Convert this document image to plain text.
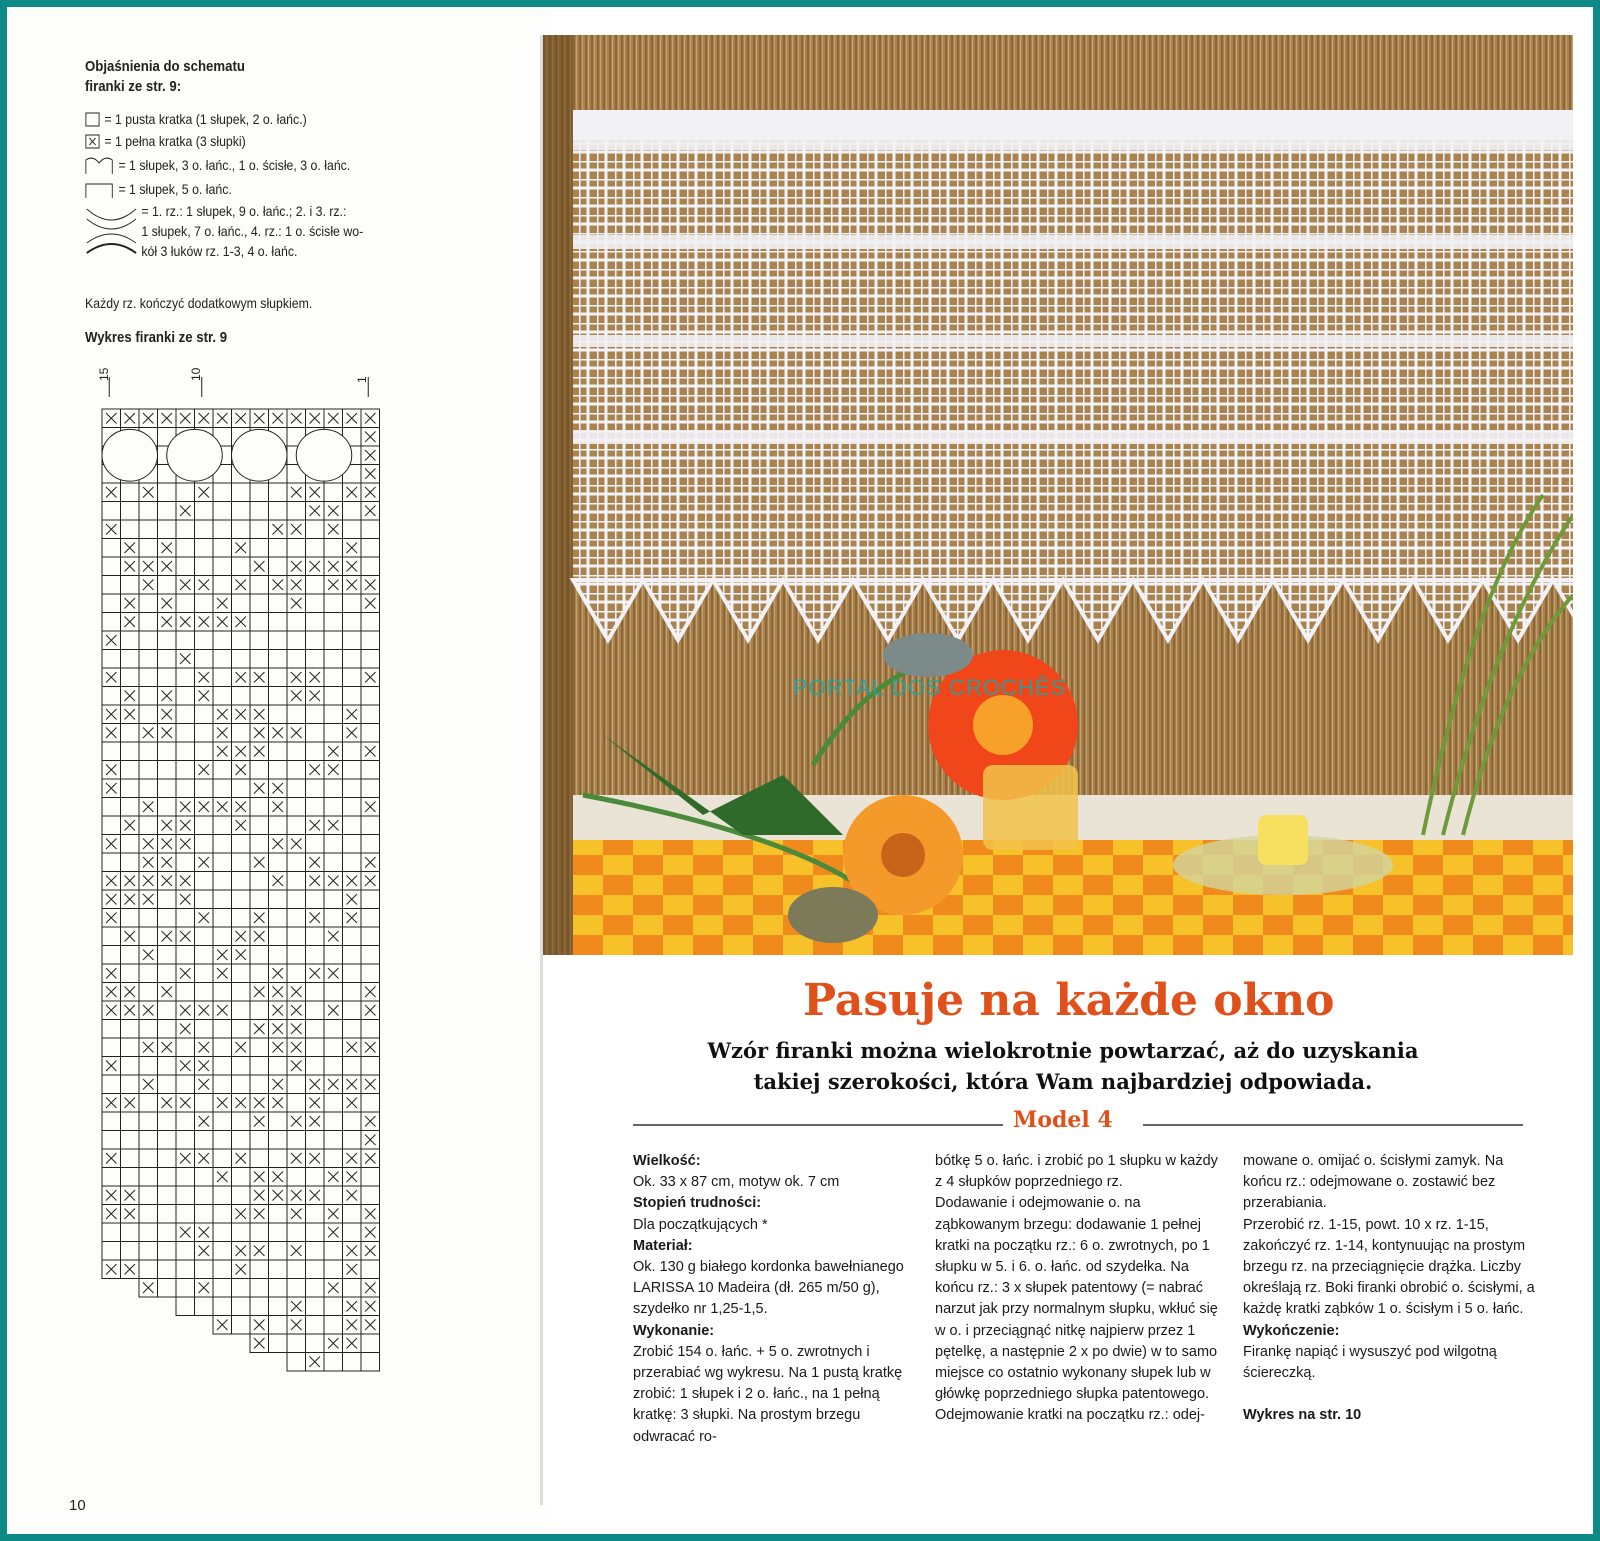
Objaśnienia do schematu
firanki ze str. 9:
= 1 pusta kratka (1 słupek, 2 o. łańc.)
= 1 pełna kratka (3 słupki)
= 1 słupek, 3 o. łańc., 1 o. ścisłe, 3 o. łańc.
= 1 słupek, 5 o. łańc.
= 1. rz.: 1 słupek, 9 o. łańc.; 2. i 3. rz.:
1 słupek, 7 o. łańc., 4. rz.: 1 o. ścisłe wo-
kół 3 łuków rz. 1-3, 4 o. łańc.
Każdy rz. kończyć dodatkowym słupkiem.
Wykres firanki ze str. 9
15	10	1
10
PORTAL DOS CROCHÊS
Pasuje na każde okno
Wzór firanki można wielokrotnie powtarzać, aż do uzyskania
takiej szerokości, która Wam najbardziej odpowiada.
Model 4

Wielkość:

Ok. 33 x 87 cm, motyw ok. 7 cm

Stopień trudności:

Dla początkujących *

Materiał:

Ok. 130 g białego kordonka bawełnianego LARISSA 10 Madeira (dł. 265 m/50 g), szydełko nr 1,25-1,5.

Wykonanie:

Zrobić 154 o. łańc. + 5 o. zwrotnych i przerabiać wg wykresu. Na 1 pustą kratkę zrobić: 1 słupek i 2 o. łańc., na 1 pełną kratkę: 3 słupki. Na prostym brzegu odwracać ro-

bótkę 5 o. łańc. i zrobić po 1 słupku w każdy z 4 słupków poprzedniego rz.

Dodawanie i odejmowanie o. na ząbkowanym brzegu: dodawanie 1 pełnej kratki na początku rz.: 6 o. zwrotnych, po 1 słupku w 5. i 6. o. łańc. od szydełka. Na końcu rz.: 3 x słupek patentowy (= nabrać narzut jak przy normalnym słupku, wkłuć się w o. i przeciągnąć nitkę najpierw przez 1 pętelkę, a następnie 2 x po dwie) w to samo miejsce co ostatnio wykonany słupek lub w główkę poprzedniego słupka patentowego.

Odejmowanie kratki na początku rz.: odej-

mowane o. omijać o. ścisłymi zamyk. Na końcu rz.: odejmowane o. zostawić bez przerabiania.

Przerobić rz. 1-15, powt. 10 x rz. 1-15, zakończyć rz. 1-14, kontynuując na prostym brzegu rz. na przeciągnięcie drążka. Liczby określają rz. Boki firanki obrobić o. ścisłymi, a każdę kratki ząbków 1 o. ścisłym i 5 o. łańc.

Wykończenie:

Firankę napiąć i wysuszyć pod wilgotną ściereczką.

Wykres na str. 10
